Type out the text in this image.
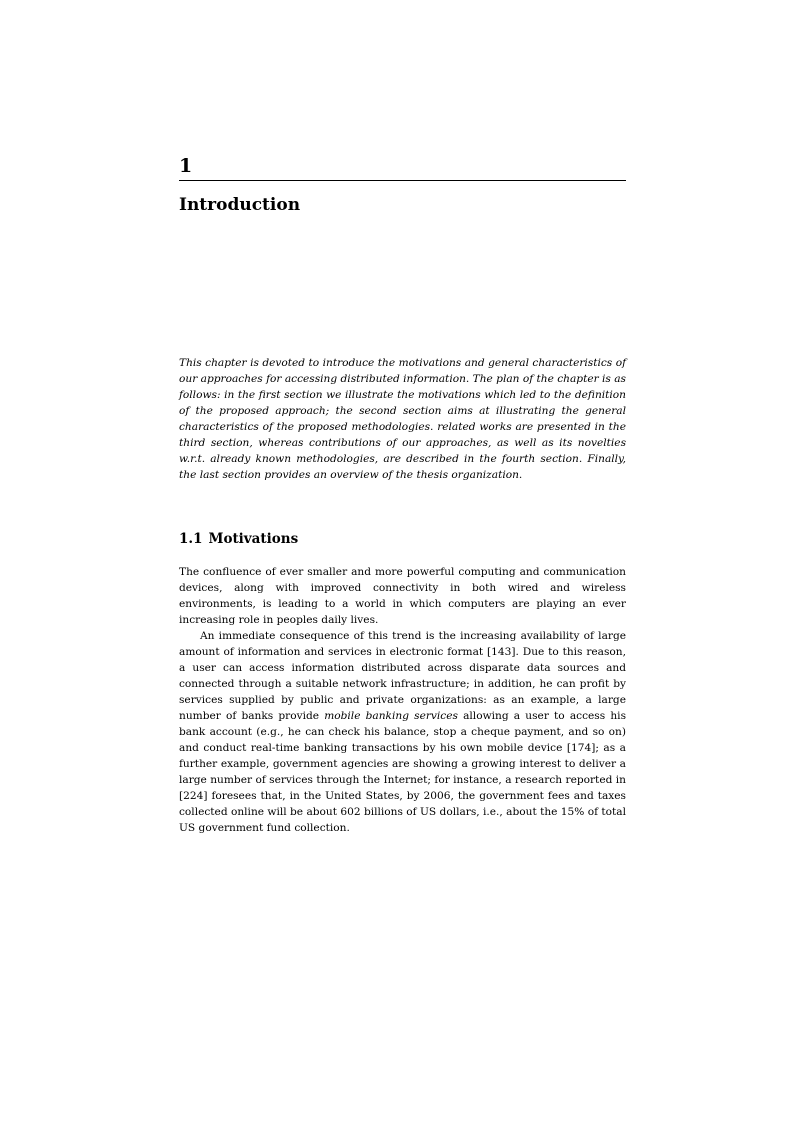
1
Introduction

This chapter is devoted to introduce the motivations and general characteristics of our approaches for accessing distributed information. The plan of the chapter is as follows: in the first section we illustrate the motivations which led to the definition of the proposed approach; the second section aims at illustrating the general characteristics of the proposed methodologies. related works are presented in the third section, whereas contributions of our approaches, as well as its novelties w.r.t. already known methodologies, are described in the fourth section. Finally, the last section provides an overview of the thesis organization.

1.1 Motivations

The confluence of ever smaller and more powerful computing and communication devices, along with improved connectivity in both wired and wireless environments, is leading to a world in which computers are playing an ever increasing role in peoples daily lives.

An immediate consequence of this trend is the increasing availability of large amount of information and services in electronic format [143]. Due to this reason, a user can access information distributed across disparate data sources and connected through a suitable network infrastructure; in addition, he can profit by services supplied by public and private organizations: as an example, a large number of banks provide mobile banking services allowing a user to access his bank account (e.g., he can check his balance, stop a cheque payment, and so on) and conduct real-time banking transactions by his own mobile device [174]; as a further example, government agencies are showing a growing interest to deliver a large number of services through the Internet; for instance, a research reported in [224] foresees that, in the United States, by 2006, the government fees and taxes collected online will be about 602 billions of US dollars, i.e., about the 15% of total US government fund collection.
